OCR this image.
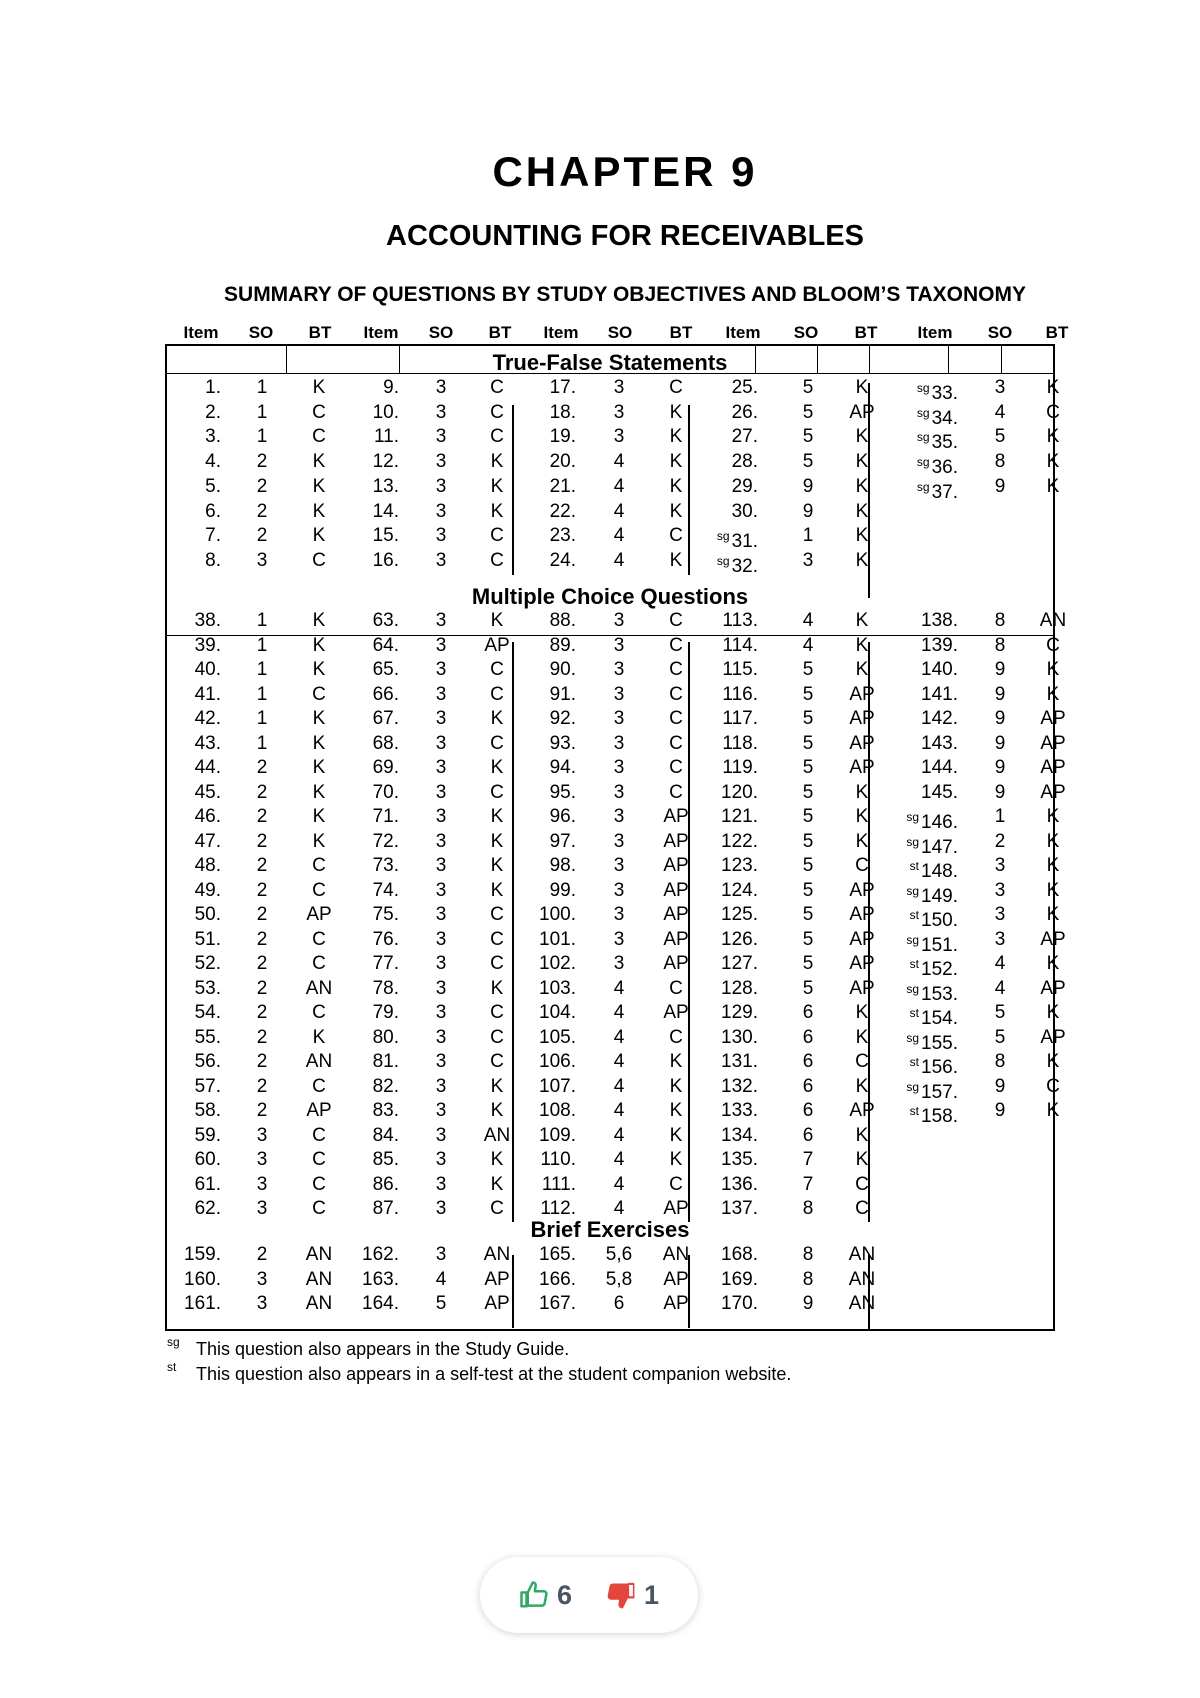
CHAPTER 9
ACCOUNTING FOR RECEIVABLES
SUMMARY OF QUESTIONS BY STUDY OBJECTIVES AND BLOOM’S TAXONOMY
Item SO BT Item SO BT Item SO BT Item SO BT Item SO BT
True-False Statements
Multiple Choice Questions
Brief Exercises
1. 1 K
2. 1 C
3. 1 C
4. 2 K
5. 2 K
6. 2 K
7. 2 K
8. 3 C
9. 3 C
10. 3 C
11. 3 C
12. 3 K
13. 3 K
14. 3 K
15. 3 C
16. 3 C
17. 3 C
18. 3 K
19. 3 K
20. 4 K
21. 4 K
22. 4 K
23. 4 C
24. 4 K
25. 5 K
26. 5 AP
27. 5 K
28. 5 K
29. 9 K
30. 9 K
$^{sg}$ 31. 1 K
$^{sg}$ 32. 3 K
$^{sg}$ 33. 3 K
$^{sg}$ 34. 4 C
$^{sg}$ 35. 5 K
$^{sg}$ 36. 8 K
$^{sg}$ 37. 9 K
38. 1 K
39. 1 K
40. 1 K
41. 1 C
42. 1 K
43. 1 K
44. 2 K
45. 2 K
46. 2 K
47. 2 K
48. 2 C
49. 2 C
50. 2 AP
51. 2 C
52. 2 C
53. 2 AN
54. 2 C
55. 2 K
56. 2 AN
57. 2 C
58. 2 AP
59. 3 C
60. 3 C
61. 3 C
62. 3 C
63. 3 K
64. 3 AP
65. 3 C
66. 3 C
67. 3 K
68. 3 C
69. 3 K
70. 3 C
71. 3 K
72. 3 K
73. 3 K
74. 3 K
75. 3 C
76. 3 C
77. 3 C
78. 3 K
79. 3 C
80. 3 C
81. 3 C
82. 3 K
83. 3 K
84. 3 AN
85. 3 K
86. 3 K
87. 3 C
88. 3 C
89. 3 C
90. 3 C
91. 3 C
92. 3 C
93. 3 C
94. 3 C
95. 3 C
96. 3 AP
97. 3 AP
98. 3 AP
99. 3 AP
100. 3 AP
101. 3 AP
102. 3 AP
103. 4 C
104. 4 AP
105. 4 C
106. 4 K
107. 4 K
108. 4 K
109. 4 K
110. 4 K
111. 4 C
112. 4 AP
113. 4 K
114. 4 K
115. 5 K
116. 5 AP
117. 5 AP
118. 5 AP
119. 5 AP
120. 5 K
121. 5 K
122. 5 K
123. 5 C
124. 5 AP
125. 5 AP
126. 5 AP
127. 5 AP
128. 5 AP
129. 6 K
130. 6 K
131. 6 C
132. 6 K
133. 6 AP
134. 6 K
135. 7 K
136. 7 C
137. 8 C
138. 8 AN
139. 8 C
140. 9 K
141. 9 K
142. 9 AP
143. 9 AP
144. 9 AP
145. 9 AP
$^{sg}$ 146. 1 K
$^{sg}$ 147. 2 K
$^{st}$ 148. 3 K
$^{sg}$ 149. 3 K
$^{st}$ 150. 3 K
$^{sg}$ 151. 3 AP
$^{st}$ 152. 4 K
$^{sg}$ 153. 4 AP
$^{st}$ 154. 5 K
$^{sg}$ 155. 5 AP
$^{st}$ 156. 8 K
$^{sg}$ 157. 9 C
$^{st}$ 158. 9 K
159. 2 AN
160. 3 AN
161. 3 AN
162. 3 AN
163. 4 AP
164. 5 AP
165. 5,6 AN
166. 5,8 AP
167. 6 AP
168. 8 AN
169. 8 AN
170. 9 AN
sg This question also appears in the Study Guide.
st This question also appears in a self-test at the student companion website.
6	1
